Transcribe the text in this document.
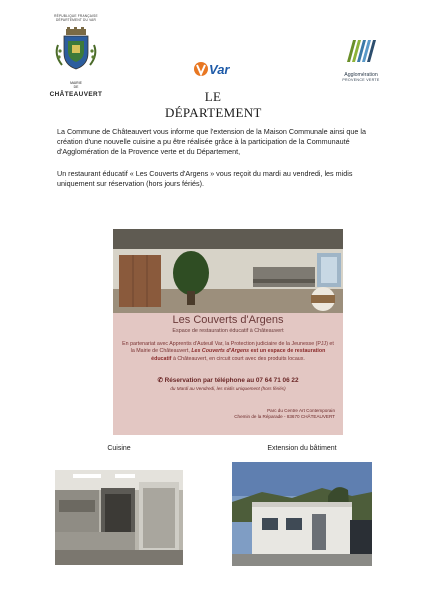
RÉPUBLIQUE FRANÇAISE
DÉPARTEMENT DU VAR
MAIRIE
DE
CHÂTEAUVERT
Var
LE DÉPARTEMENT
Agglomération
PROVENCE VERTE
La Commune de Châteauvert vous informe que l'extension de la Maison Communale ainsi que la création d'une nouvelle cuisine a pu être réalisée grâce à la participation de la Communauté d'Agglomération de la Provence verte et du Département,
Un restaurant éducatif « Les Couverts d'Argens » vous reçoit du mardi au vendredi, les midis uniquement sur réservation (hors jours fériés).
Les Couverts d'Argens
Espace de restauration éducatif à Châteauvert
En partenariat avec Apprentis d'Auteuil Var, la Protection judiciaire de la Jeunesse (PJJ) et la Mairie de Châteauvert, Les Couverts d'Argens est un espace de restauration éducatif à Châteauvert, en circuit court avec des produits locaux.
✆ Réservation par téléphone au 07 64 71 06 22
du Mardi au Vendredi, les midis uniquement (hors fériés)
Parc du Centre Art Contemporain
Chemin de la Réparade - 83670 CHÂTEAUVERT
Cuisine	Extension du bâtiment
